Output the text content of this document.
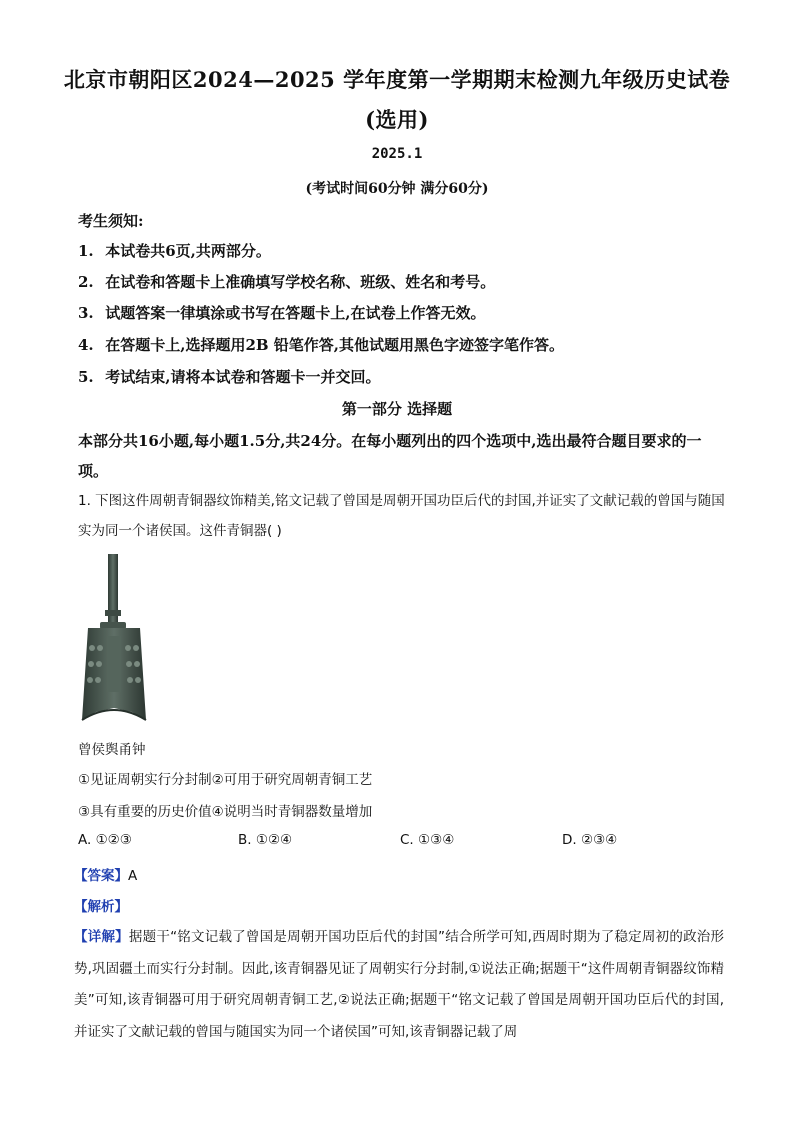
北京市朝阳区2024—2025 学年度第一学期期末检测九年级历史试卷
(选用)
2025.1
(考试时间60分钟 满分60分)
考生须知:
1. 本试卷共6页,共两部分。
2. 在试卷和答题卡上准确填写学校名称、班级、姓名和考号。
3. 试题答案一律填涂或书写在答题卡上,在试卷上作答无效。
4. 在答题卡上,选择题用2B 铅笔作答,其他试题用黑色字迹签字笔作答。
5. 考试结束,请将本试卷和答题卡一并交回。
第一部分 选择题
本部分共16小题,每小题1.5分,共24分。在每小题列出的四个选项中,选出最符合题目要求的一项。
1. 下图这件周朝青铜器纹饰精美,铭文记载了曾国是周朝开国功臣后代的封国,并证实了文献记载的曾国与随国实为同一个诸侯国。这件青铜器( )
曾侯舆甬钟
①见证周朝实行分封制②可用于研究周朝青铜工艺
③具有重要的历史价值④说明当时青铜器数量增加
A. ①②③	B. ①②④	C. ①③④	D. ②③④
【答案】A
【解析】
【详解】据题干“铭文记载了曾国是周朝开国功臣后代的封国”结合所学可知,西周时期为了稳定周初的政治形势,巩固疆土而实行分封制。因此,该青铜器见证了周朝实行分封制,①说法正确;据题干“这件周朝青铜器纹饰精美”可知,该青铜器可用于研究周朝青铜工艺,②说法正确;据题干“铭文记载了曾国是周朝开国功臣后代的封国,并证实了文献记载的曾国与随国实为同一个诸侯国”可知,该青铜器记载了周
